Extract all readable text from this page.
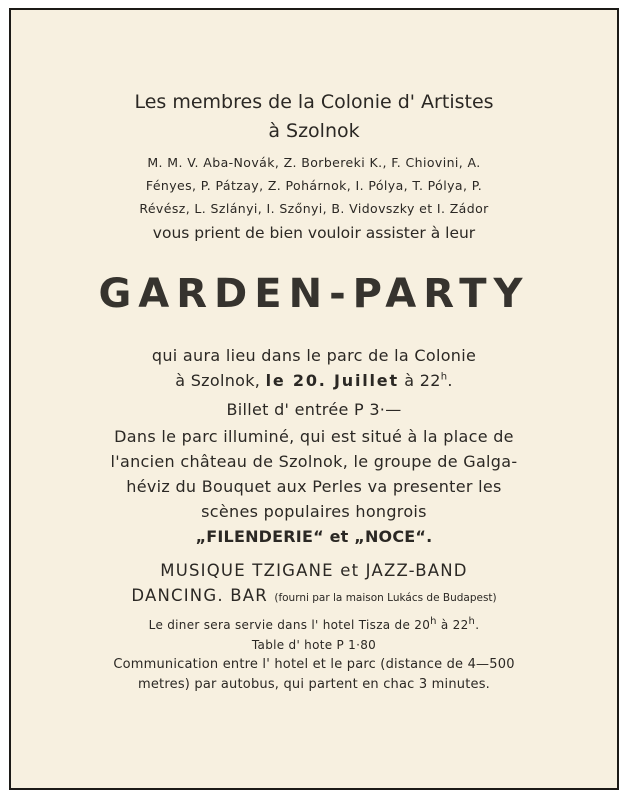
Les membres de la Colonie d' Artistes
à Szolnok
M. M. V. Aba-Novák, Z. Borbereki K., F. Chiovini, A.
Fényes, P. Pátzay, Z. Pohárnok, I. Pólya, T. Pólya, P.
Révész, L. Szlányi, I. Szőnyi, B. Vidovszky et I. Zádor
vous prient de bien vouloir assister à leur
GARDEN-PARTY
qui aura lieu dans le parc de la Colonie
à Szolnok, le 20. Juillet à 22$^h$.
Billet d' entrée P 3·—
Dans le parc illuminé, qui est situé à la place de
l'ancien château de Szolnok, le groupe de Galga-
héviz du Bouquet aux Perles va presenter les
scènes populaires hongrois
„FILENDERIE“ et „NOCE“.
MUSIQUE TZIGANE et JAZZ-BAND
DANCING. BAR (fourni par la maison Lukács de Budapest)
Le diner sera servie dans l' hotel Tisza de 20$^h$ à 22$^h$.
Table d' hote P 1·80
Communication entre l' hotel et le parc (distance de 4—500
metres) par autobus, qui partent en chac 3 minutes.
